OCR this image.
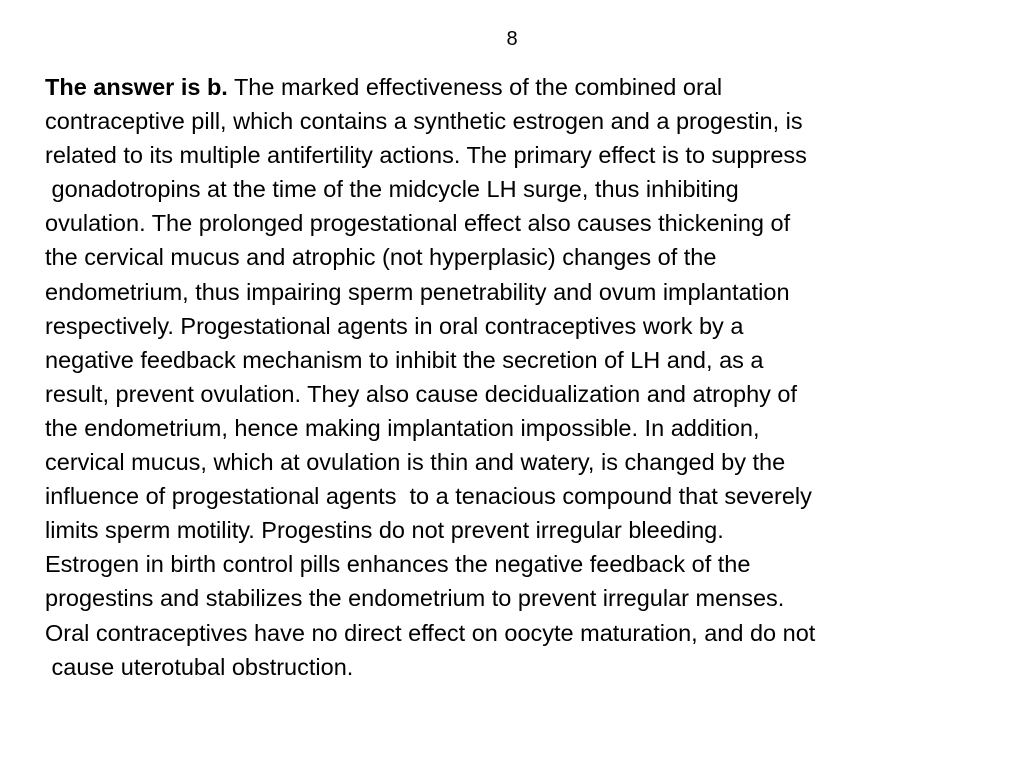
8
The answer is b. The marked effectiveness of the combined oral
contraceptive pill, which contains a synthetic estrogen and a progestin, is
related to its multiple antifertility actions. The primary effect is to suppress
gonadotropins at the time of the midcycle LH surge, thus inhibiting
ovulation. The prolonged progestational effect also causes thickening of
the cervical mucus and atrophic (not hyperplasic) changes of the
endometrium, thus impairing sperm penetrability and ovum implantation
respectively. Progestational agents in oral contraceptives work by a
negative feedback mechanism to inhibit the secretion of LH and, as a
result, prevent ovulation. They also cause decidualization and atrophy of
the endometrium, hence making implantation impossible. In addition,
cervical mucus, which at ovulation is thin and watery, is changed by the
influence of progestational agents  to a tenacious compound that severely
limits sperm motility. Progestins do not prevent irregular bleeding.
Estrogen in birth control pills enhances the negative feedback of the
progestins and stabilizes the endometrium to prevent irregular menses.
Oral contraceptives have no direct effect on oocyte maturation, and do not
cause uterotubal obstruction.
